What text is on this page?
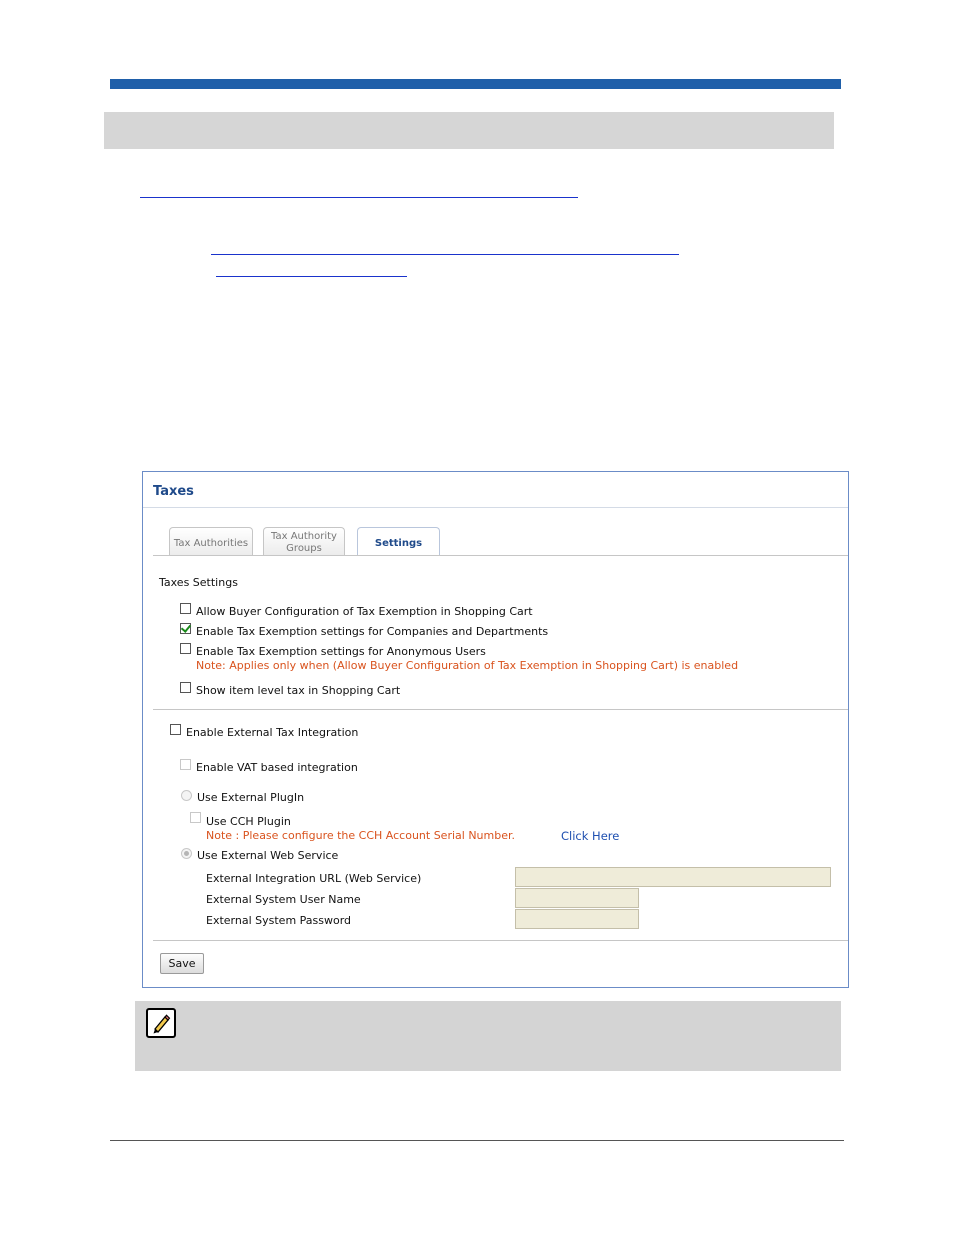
Taxes
Tax Authorities
Tax Authority
Groups	Settings
Taxes Settings
Allow Buyer Configuration of Tax Exemption in Shopping Cart
Enable Tax Exemption settings for Companies and Departments
Enable Tax Exemption settings for Anonymous Users
Note: Applies only when (Allow Buyer Configuration of Tax Exemption in Shopping Cart) is enabled
Show item level tax in Shopping Cart
Enable External Tax Integration
Enable VAT based integration
Use External PlugIn
Use CCH Plugin
Note : Please configure the CCH Account Serial Number.	Click Here
Use External Web Service
External Integration URL (Web Service)
External System User Name
External System Password
Save
